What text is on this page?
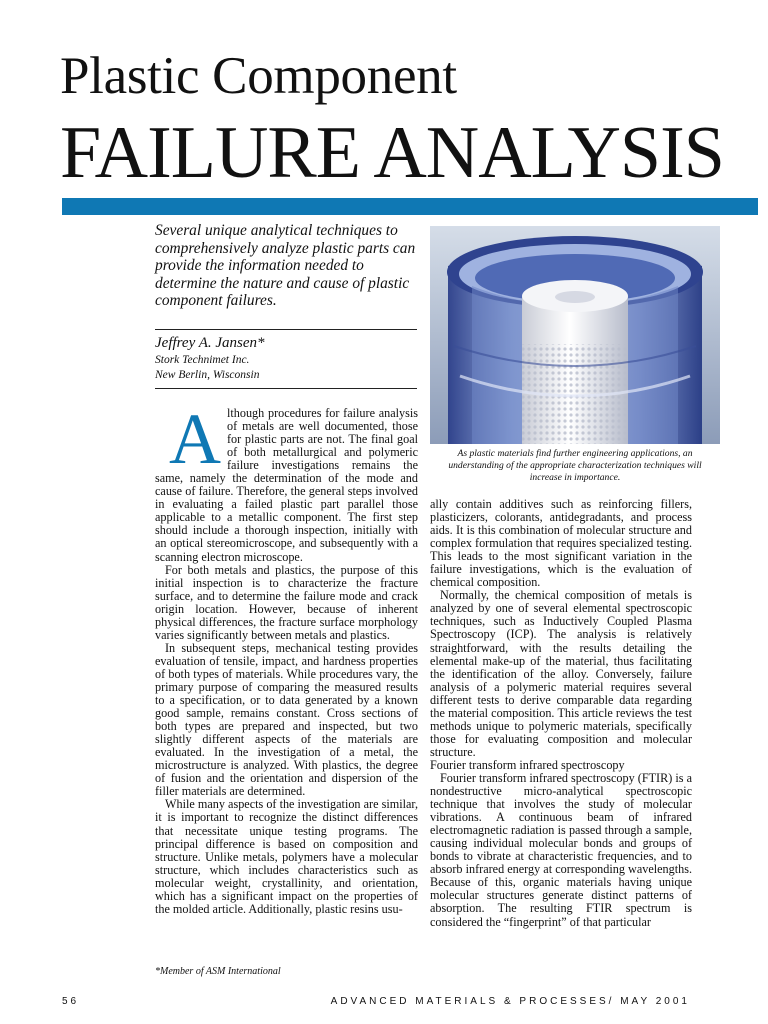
Plastic Component
FAILURE ANALYSIS
Several unique analytical techniques to comprehensively analyze plastic parts can provide the information needed to determine the nature and cause of plastic component failures.
Jeffrey A. Jansen*
Stork Technimet Inc.
New Berlin, Wisconsin
As plastic materials find further engineering applications, an understanding of the appropriate characterization techniques will increase in importance.

Although procedures for failure analysis of metals are well documented, those for plastic parts are not. The final goal of both metallurgical and polymeric failure investigations remains the same, namely the determination of the mode and cause of failure. Therefore, the general steps involved in evaluating a failed plastic part parallel those applicable to a metallic component. The first step should include a thorough inspection, initially with an optical stereomicroscope, and subsequently with a scanning electron microscope.

For both metals and plastics, the purpose of this initial inspection is to characterize the fracture surface, and to determine the failure mode and crack origin location. However, because of inherent physical differences, the fracture surface morphology varies significantly between metals and plastics.

In subsequent steps, mechanical testing provides evaluation of tensile, impact, and hardness properties of both types of materials. While procedures vary, the primary purpose of comparing the measured results to a specification, or to data generated by a known good sample, remains constant. Cross sections of both types are prepared and inspected, but two slightly different aspects of the materials are evaluated. In the investigation of a metal, the microstructure is analyzed. With plastics, the degree of fusion and the orientation and dispersion of the filler materials are determined.

While many aspects of the investigation are similar, it is important to recognize the distinct differences that necessitate unique testing programs. The principal difference is based on composition and structure. Unlike metals, polymers have a molecular structure, which includes characteristics such as molecular weight, crystallinity, and orientation, which has a significant impact on the properties of the molded article. Additionally, plastic resins usu-

ally contain additives such as reinforcing fillers, plasticizers, colorants, antidegradants, and process aids. It is this combination of molecular structure and complex formulation that requires specialized testing. This leads to the most significant variation in the failure investigations, which is the evaluation of chemical composition.

Normally, the chemical composition of metals is analyzed by one of several elemental spectroscopic techniques, such as Inductively Coupled Plasma Spectroscopy (ICP). The analysis is relatively straightforward, with the results detailing the elemental make-up of the material, thus facilitating the identification of the alloy. Conversely, failure analysis of a polymeric material requires several different tests to derive comparable data regarding the material composition. This article reviews the test methods unique to polymeric materials, specifically those for evaluating composition and molecular structure.

Fourier transform infrared spectroscopy

Fourier transform infrared spectroscopy (FTIR) is a nondestructive micro-analytical spectroscopic technique that involves the study of molecular vibrations. A continuous beam of infrared electromagnetic radiation is passed through a sample, causing individual molecular bonds and groups of bonds to vibrate at characteristic frequencies, and to absorb infrared energy at corresponding wavelengths. Because of this, organic materials having unique molecular structures generate distinct patterns of absorption. The resulting FTIR spectrum is considered the “fingerprint” of that particular

*Member of ASM International
56	ADVANCED MATERIALS & PROCESSES/ MAY 2001
